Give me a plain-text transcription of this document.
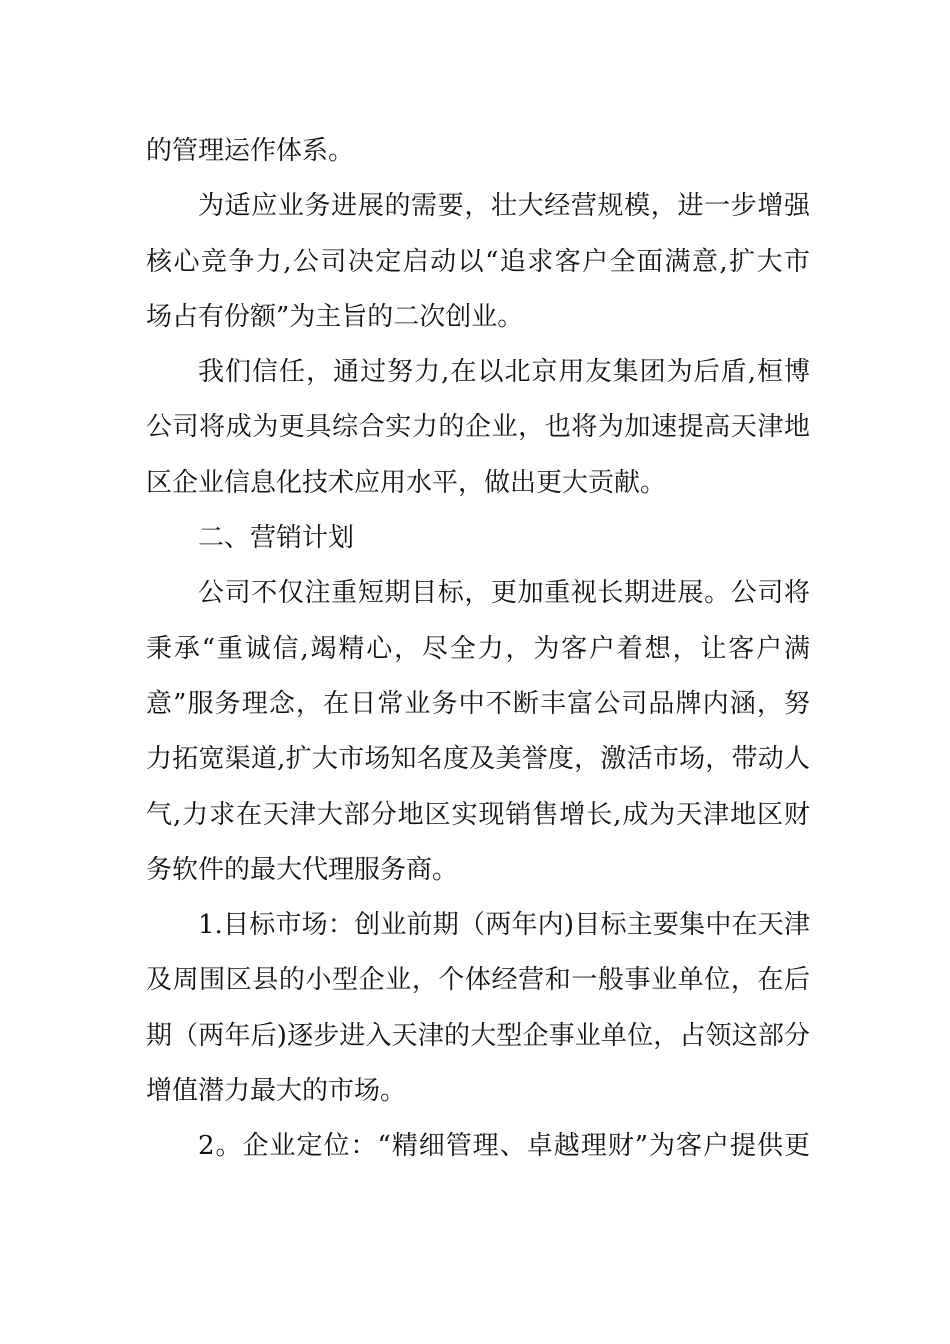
的管理运作体系。
为适应业务进展的需要，壮大经营规模，进一步增强
核心竞争力,公司决定启动以“追求客户全面满意,扩大市
场占有份额”为主旨的二次创业。
我们信任，通过努力,在以北京用友集团为后盾,桓博
公司将成为更具综合实力的企业，也将为加速提高天津地
区企业信息化技术应用水平，做出更大贡献。
二、营销计划
公司不仅注重短期目标，更加重视长期进展。公司将
秉承“重诚信,竭精心，尽全力，为客户着想，让客户满
意”服务理念，在日常业务中不断丰富公司品牌内涵，努
力拓宽渠道,扩大市场知名度及美誉度，激活市场，带动人
气,力求在天津大部分地区实现销售增长,成为天津地区财
务软件的最大代理服务商。
1.目标市场：创业前期（两年内)目标主要集中在天津
及周围区县的小型企业，个体经营和一般事业单位，在后
期（两年后)逐步进入天津的大型企事业单位，占领这部分
增值潜力最大的市场。
2。企业定位：“精细管理、卓越理财”为客户提供更
